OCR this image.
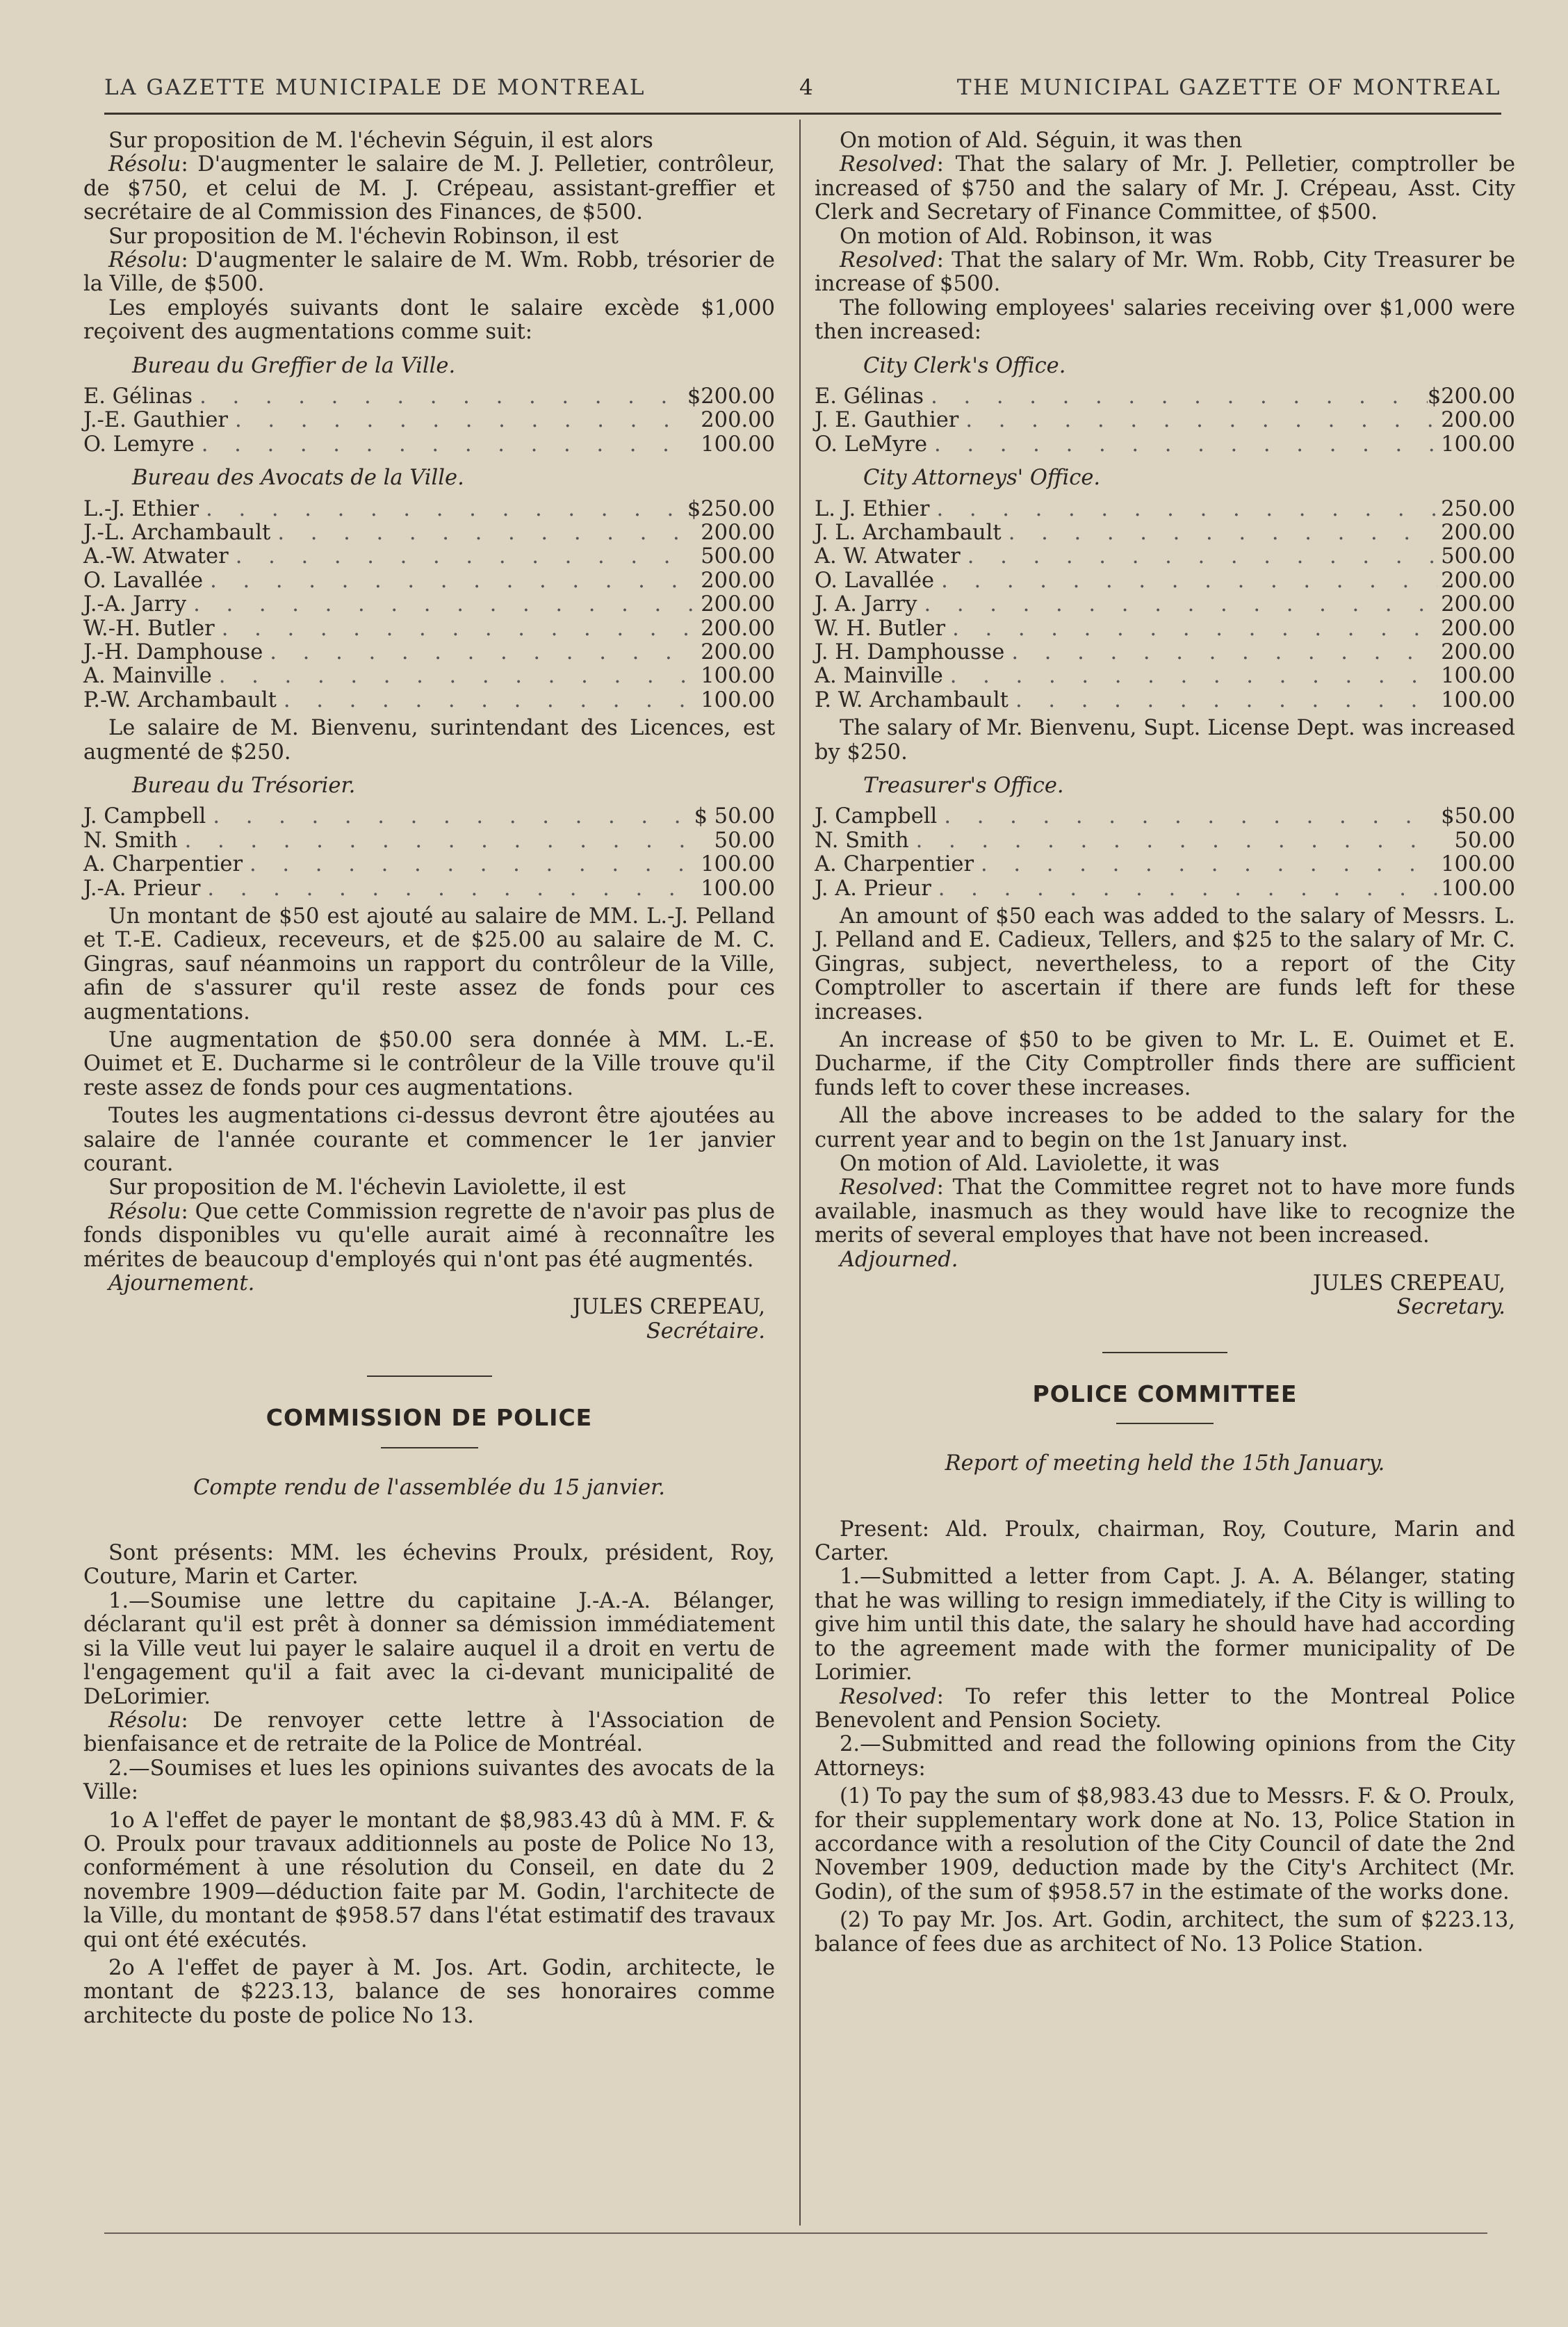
LA GAZETTE MUNICIPALE DE MONTREAL	4	THE MUNICIPAL GAZETTE OF MONTREAL

Sur proposition de M. l'échevin Séguin, il est alors

Résolu: D'augmenter le salaire de M. J. Pelletier, contrôleur, de $750, et celui de M. J. Crépeau, assistant-greffier et secrétaire de al Commission des Finances, de $500.

Sur proposition de M. l'échevin Robinson, il est

Résolu: D'augmenter le salaire de M. Wm. Robb, trésorier de la Ville, de $500.

Les employés suivants dont le salaire excède $1,000 reçoivent des augmentations comme suit:

Bureau du Greffier de la Ville.

E. Gélinas . . .	$200.00
J.-E. Gauthier . . .	200.00
O. Lemyre . . .	100.00

Bureau des Avocats de la Ville.

L.-J. Ethier . . .	$250.00
J.-L. Archambault . . .	200.00
A.-W. Atwater . . .	500.00
O. Lavallée . . .	200.00
J.-A. Jarry . . .	200.00
W.-H. Butler . . .	200.00
J.-H. Damphouse . . .	200.00
A. Mainville . . .	100.00
P.-W. Archambault . . .	100.00

Le salaire de M. Bienvenu, surintendant des Licences, est augmenté de $250.

Bureau du Trésorier.

J. Campbell . . .	$ 50.00
N. Smith . . .	50.00
A. Charpentier . . .	100.00
J.-A. Prieur . . .	100.00

Un montant de $50 est ajouté au salaire de MM. L.-J. Pelland et T.-E. Cadieux, receveurs, et de $25.00 au salaire de M. C. Gingras, sauf néanmoins un rapport du contrôleur de la Ville, afin de s'assurer qu'il reste assez de fonds pour ces augmentations.

Une augmentation de $50.00 sera donnée à MM. L.-E. Ouimet et E. Ducharme si le contrôleur de la Ville trouve qu'il reste assez de fonds pour ces augmentations.

Toutes les augmentations ci-dessus devront être ajoutées au salaire de l'année courante et commencer le 1er janvier courant.

Sur proposition de M. l'échevin Laviolette, il est

Résolu: Que cette Commission regrette de n'avoir pas plus de fonds disponibles vu qu'elle aurait aimé à reconnaître les mérites de beaucoup d'employés qui n'ont pas été augmentés.

Ajournement.

JULES CREPEAU,

Secrétaire.

COMMISSION DE POLICE

Compte rendu de l'assemblée du 15 janvier.

Sont présents: MM. les échevins Proulx, président, Roy, Couture, Marin et Carter.

1.—Soumise une lettre du capitaine J.-A.-A. Bélanger, déclarant qu'il est prêt à donner sa démission immédiatement si la Ville veut lui payer le salaire auquel il a droit en vertu de l'engagement qu'il a fait avec la ci-devant municipalité de DeLorimier.

Résolu: De renvoyer cette lettre à l'Association de bienfaisance et de retraite de la Police de Montréal.

2.—Soumises et lues les opinions suivantes des avocats de la Ville:

1o A l'effet de payer le montant de $8,983.43 dû à MM. F. & O. Proulx pour travaux additionnels au poste de Police No 13, conformément à une résolution du Conseil, en date du 2 novembre 1909—déduction faite par M. Godin, l'architecte de la Ville, du montant de $958.57 dans l'état estimatif des travaux qui ont été exécutés.

2o A l'effet de payer à M. Jos. Art. Godin, architecte, le montant de $223.13, balance de ses honoraires comme architecte du poste de police No 13.

On motion of Ald. Séguin, it was then

Resolved: That the salary of Mr. J. Pelletier, comptroller be increased of $750 and the salary of Mr. J. Crépeau, Asst. City Clerk and Secretary of Finance Committee, of $500.

On motion of Ald. Robinson, it was

Resolved: That the salary of Mr. Wm. Robb, City Treasurer be increase of $500.

The following employees' salaries receiving over $1,000 were then increased:

City Clerk's Office.

E. Gélinas . . .	$200.00
J. E. Gauthier . . .	200.00
O. LeMyre . . .	100.00

City Attorneys' Office.

L. J. Ethier . . .	250.00
J. L. Archambault . . .	200.00
A. W. Atwater . . .	500.00
O. Lavallée . . .	200.00
J. A. Jarry . . .	200.00
W. H. Butler . . .	200.00
J. H. Damphousse . . .	200.00
A. Mainville . . .	100.00
P. W. Archambault . . .	100.00

The salary of Mr. Bienvenu, Supt. License Dept. was increased by $250.

Treasurer's Office.

J. Campbell . . .	$50.00
N. Smith . . .	50.00
A. Charpentier . . .	100.00
J. A. Prieur . . .	100.00

An amount of $50 each was added to the salary of Messrs. L. J. Pelland and E. Cadieux, Tellers, and $25 to the salary of Mr. C. Gingras, subject, nevertheless, to a report of the City Comptroller to ascertain if there are funds left for these increases.

An increase of $50 to be given to Mr. L. E. Ouimet et E. Ducharme, if the City Comptroller finds there are sufficient funds left to cover these increases.

All the above increases to be added to the salary for the current year and to begin on the 1st January inst.

On motion of Ald. Laviolette, it was

Resolved: That the Committee regret not to have more funds available, inasmuch as they would have like to recognize the merits of several employes that have not been increased.

Adjourned.

JULES CREPEAU,

Secretary.

POLICE COMMITTEE

Report of meeting held the 15th January.

Present: Ald. Proulx, chairman, Roy, Couture, Marin and Carter.

1.—Submitted a letter from Capt. J. A. A. Bélanger, stating that he was willing to resign immediately, if the City is willing to give him until this date, the salary he should have had according to the agreement made with the former municipality of De Lorimier.

Resolved: To refer this letter to the Montreal Police Benevolent and Pension Society.

2.—Submitted and read the following opinions from the City Attorneys:

(1) To pay the sum of $8,983.43 due to Messrs. F. & O. Proulx, for their supplementary work done at No. 13, Police Station in accordance with a resolution of the City Council of date the 2nd November 1909, deduction made by the City's Architect (Mr. Godin), of the sum of $958.57 in the estimate of the works done.

(2) To pay Mr. Jos. Art. Godin, architect, the sum of $223.13, balance of fees due as architect of No. 13 Police Station.
